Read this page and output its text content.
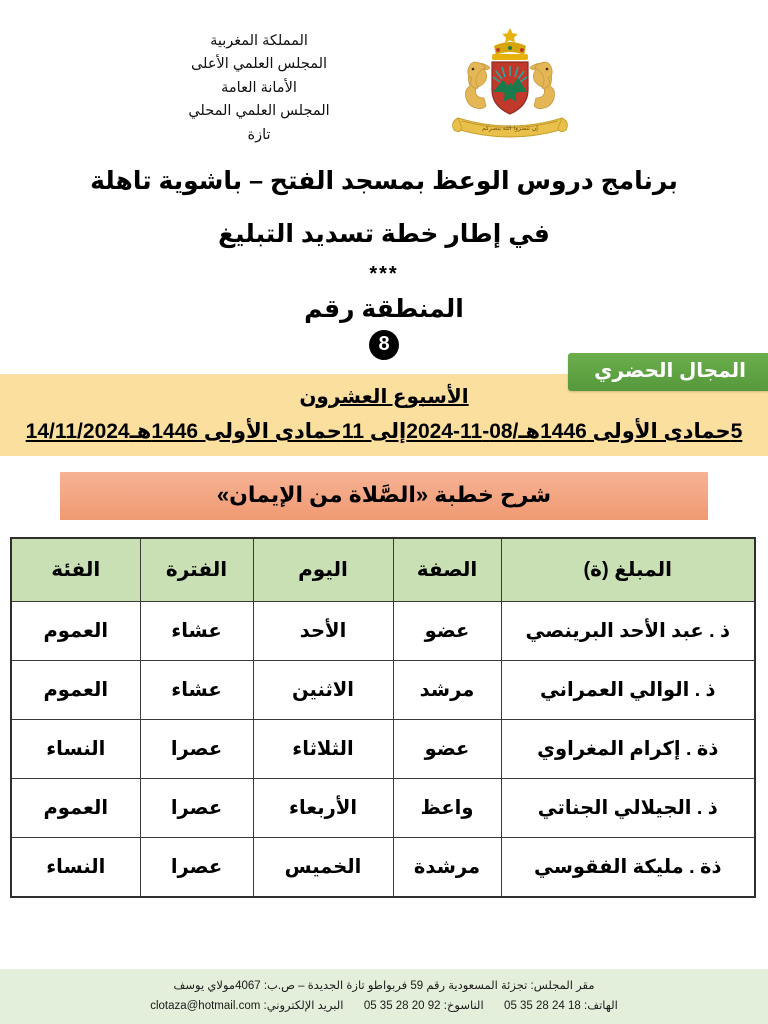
إن تنصروا الله ينصركم
المملكة المغربية
المجلس العلمي الأعلى
الأمانة العامة
المجلس العلمي المحلي
تازة
برنامج دروس الوعظ بمسجد الفتح – باشوية تاهلة
في إطار خطة تسديد التبليغ
***
المنطقة رقم
8
المجال الحضري
الأسبوع العشرون
5حمادى الأولى 1446هـ/08-11-2024إلى 11حمادى الأولى 1446هـ14/11/2024
شرح خطبة «الصَّلاة من الإيمان»
المبلغ (ة)	الصفة	اليوم	الفترة	الفئة
ذ . عبد الأحد البرينصي	عضو	الأحد	عشاء	العموم
ذ . الوالي العمراني	مرشد	الاثنين	عشاء	العموم
ذة . إكرام المغراوي	عضو	الثلاثاء	عصرا	النساء
ذ . الجيلالي الجناتي	واعظ	الأربعاء	عصرا	العموم
ذة . مليكة الفقوسي	مرشدة	الخميس	عصرا	النساء
مقر المجلس: تجزئة المسعودية رقم 59 فربواطو تازة الجديدة – ص.ب: 4067مولاي يوسف
الهاتف: 05 35 28 24 18  الناسوخ: 05 35 28 20 92  البريد الإلكتروني: clotaza@hotmail.com
